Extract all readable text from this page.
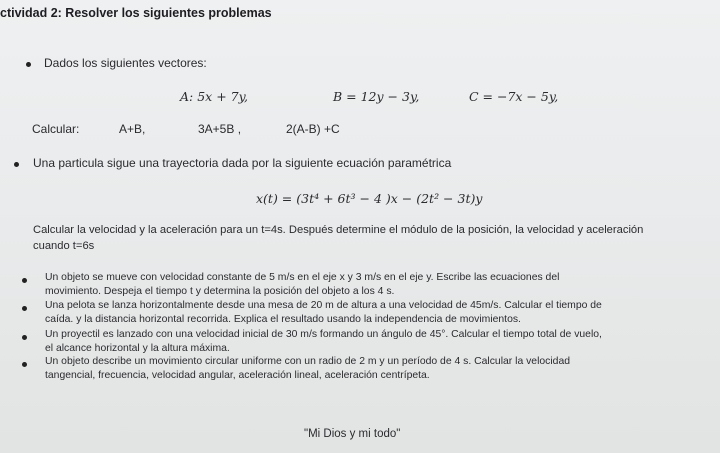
ctividad 2: Resolver los siguientes problemas
Dados los siguientes vectores:
A: 5x + 7y,	B = 12y − 3y,	C = −7x − 5y,
Calcular:	A+B,	3A+5B ,	2(A-B) +C
Una particula sigue una trayectoria dada por la siguiente ecuación paramétrica
x(t) = (3t⁴ + 6t³ − 4 )x − (2t² − 3t)y
Calcular la velocidad y la aceleración para un t=4s. Después determine el módulo de la posición, la velocidad y aceleración
cuando t=6s
Un objeto se mueve con velocidad constante de 5 m/s en el eje x y 3 m/s en el eje y. Escribe las ecuaciones del
movimiento. Despeja el tiempo t y determina la posición del objeto a los 4 s.
Una pelota se lanza horizontalmente desde una mesa de 20 m de altura a una velocidad de 45m/s. Calcular el tiempo de
caída. y la distancia horizontal recorrida. Explica el resultado usando la independencia de movimientos.
Un proyectil es lanzado con una velocidad inicial de 30 m/s formando un ángulo de 45°. Calcular el tiempo total de vuelo,
el alcance horizontal y la altura máxima.
Un objeto describe un movimiento circular uniforme con un radio de 2 m y un período de 4 s. Calcular la velocidad
tangencial, frecuencia, velocidad angular, aceleración lineal, aceleración centrípeta.
"Mi Dios y mi todo"
